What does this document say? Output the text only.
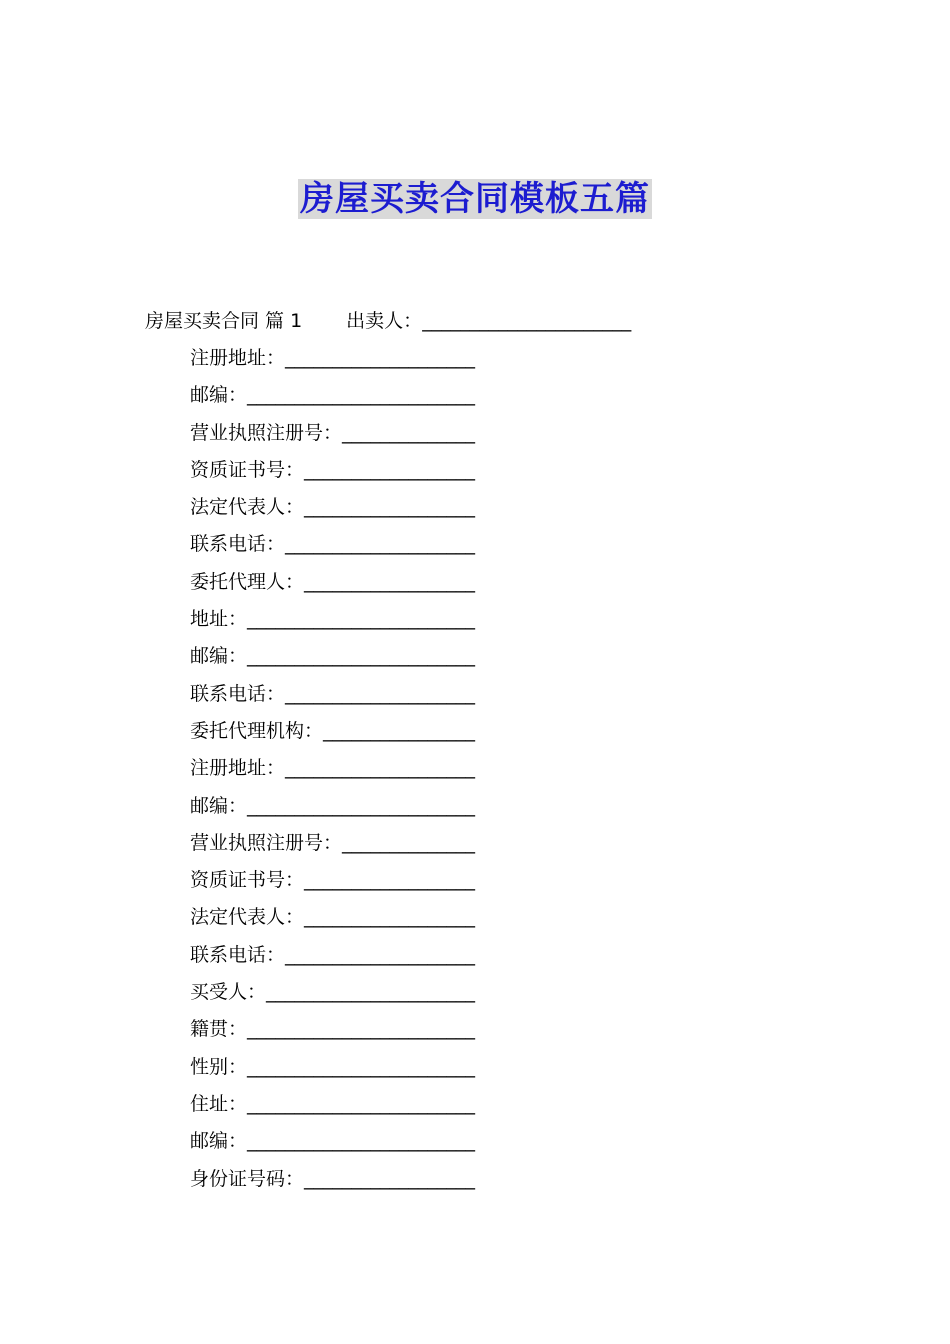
房屋买卖合同模板五篇
房屋买卖合同 篇 1 出卖人：______________________
注册地址：____________________
邮编：________________________
营业执照注册号：______________
资质证书号：__________________
法定代表人：__________________
联系电话：____________________
委托代理人：__________________
地址：________________________
邮编：________________________
联系电话：____________________
委托代理机构：________________
注册地址：____________________
邮编：________________________
营业执照注册号：______________
资质证书号：__________________
法定代表人：__________________
联系电话：____________________
买受人：______________________
籍贯：________________________
性别：________________________
住址：________________________
邮编：________________________
身份证号码：__________________
